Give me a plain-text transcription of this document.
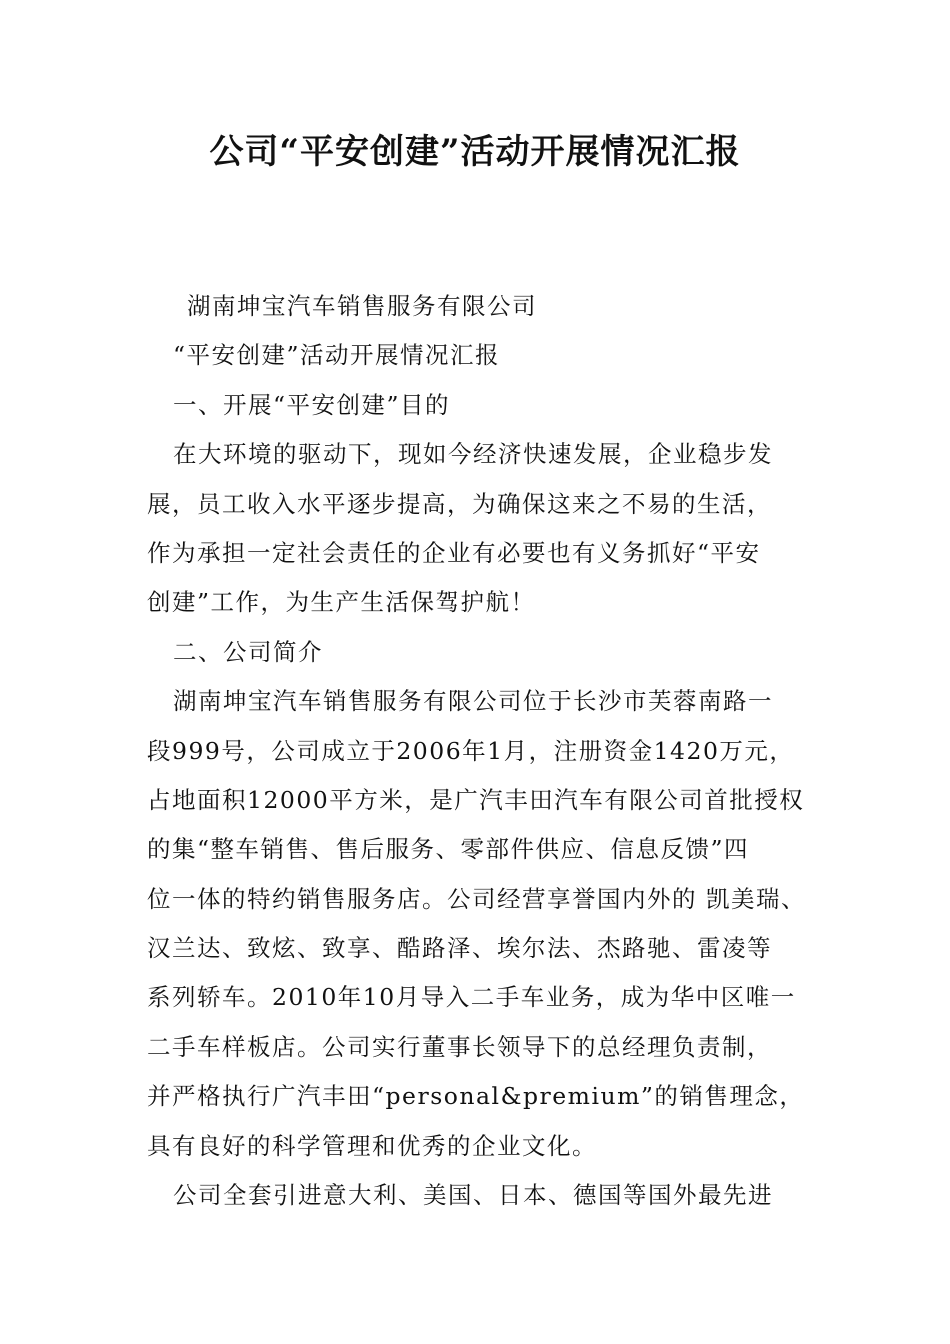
公司“平安创建”活动开展情况汇报
湖南坤宝汽车销售服务有限公司
“平安创建”活动开展情况汇报
一、开展“平安创建”目的
在大环境的驱动下，现如今经济快速发展，企业稳步发
展，员工收入水平逐步提高，为确保这来之不易的生活，
作为承担一定社会责任的企业有必要也有义务抓好“平安
创建”工作，为生产生活保驾护航！
二、公司简介
湖南坤宝汽车销售服务有限公司位于长沙市芙蓉南路一
段999号，公司成立于2006年1月，注册资金1420万元，
占地面积12000平方米，是广汽丰田汽车有限公司首批授权
的集“整车销售、售后服务、零部件供应、信息反馈”四
位一体的特约销售服务店。公司经营享誉国内外的 凯美瑞、
汉兰达、致炫、致享、酷路泽、埃尔法、杰路驰、雷凌等
系列轿车。2010年10月导入二手车业务，成为华中区唯一
二手车样板店。公司实行董事长领导下的总经理负责制，
并严格执行广汽丰田“personal&premium”的销售理念，
具有良好的科学管理和优秀的企业文化。
公司全套引进意大利、美国、日本、德国等国外最先进
